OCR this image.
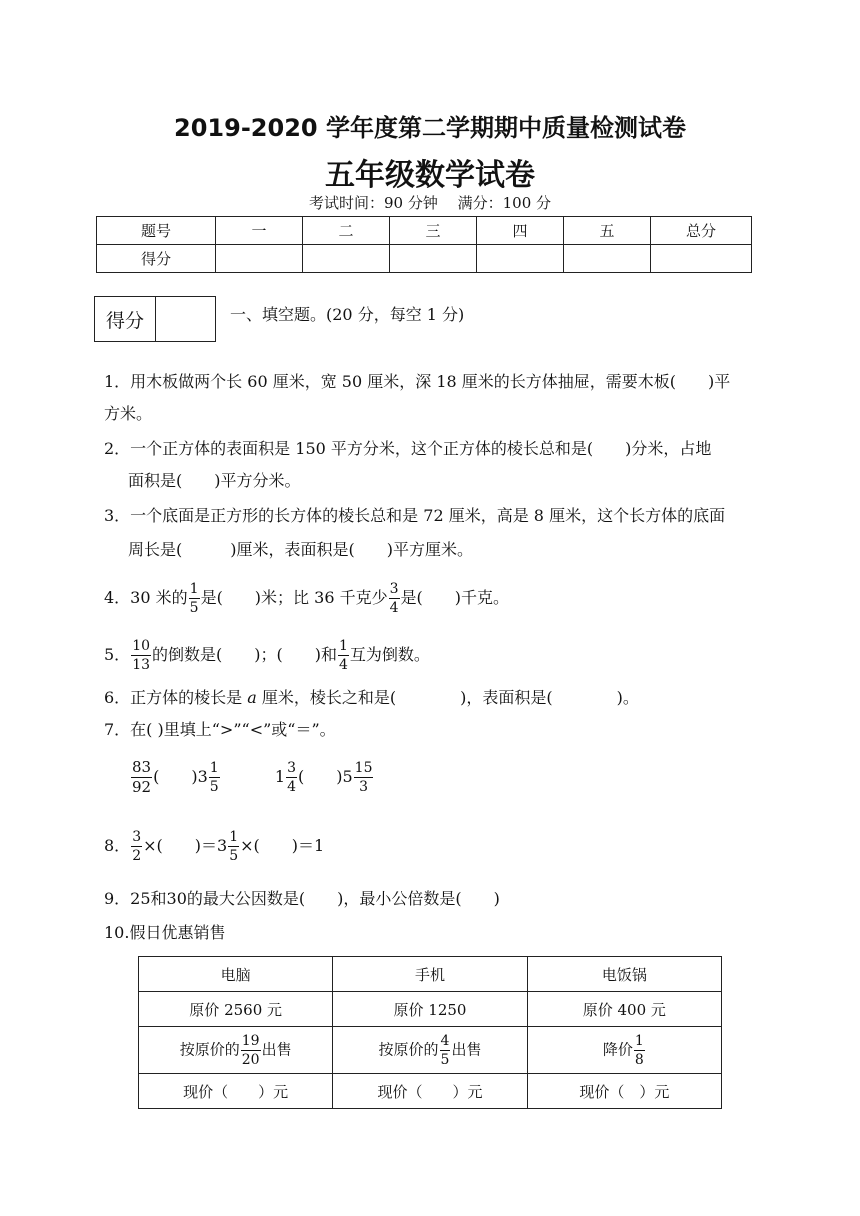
2019-2020 学年度第二学期期中质量检测试卷
五年级数学试卷
考试时间：90 分钟　 满分：100 分
题号	一	二	三	四	五	总分
得分						
得分	一、填空题。(20 分，每空 1 分)
1．用木板做两个长 60 厘米，宽 50 厘米，深 18 厘米的长方体抽屉，需要木板(　　)平
方米。
2．一个正方体的表面积是 150 平方分米，这个正方体的棱长总和是(　　)分米，占地
面积是(　　)平方分米。
3．一个底面是正方形的长方体的棱长总和是 72 厘米，高是 8 厘米，这个长方体的底面
周长是(　　　)厘米，表面积是(　　)平方厘米。
4．30 米的 $\frac{1}{5}$ 是(　　)米；比 36 千克少 $\frac{3}{4}$ 是(　　)千克。
5． $\frac{10}{13}$ 的倒数是(　　)；(　　)和 $\frac{1}{4}$ 互为倒数。
6．正方体的棱长是 a 厘米，棱长之和是(　　　　)，表面积是(　　　　)。
7．在( )里填上“>”“<”或“＝”。
$\frac{83}{92}$ (　　)$3 \frac{1}{5}$	$1 \frac{3}{4}$ (　　)$5 \frac{15}{3}$
8． $\frac{3}{2}$ ×(　　)$=3 \frac{1}{5}$ ×(　　)＝1
9．25和30的最大公因数是(　　)，最小公倍数是(　　)
10.假日优惠销售
电脑	手机	电饭锅
原价 2560 元	原价 1250	原价 400 元
按原价的 $\frac{19}{20}$ 出售	按原价的 $\frac{4}{5}$ 出售	降价 $\frac{1}{8}$

现价（　　）元	现价（　　）元	现价（　）元
